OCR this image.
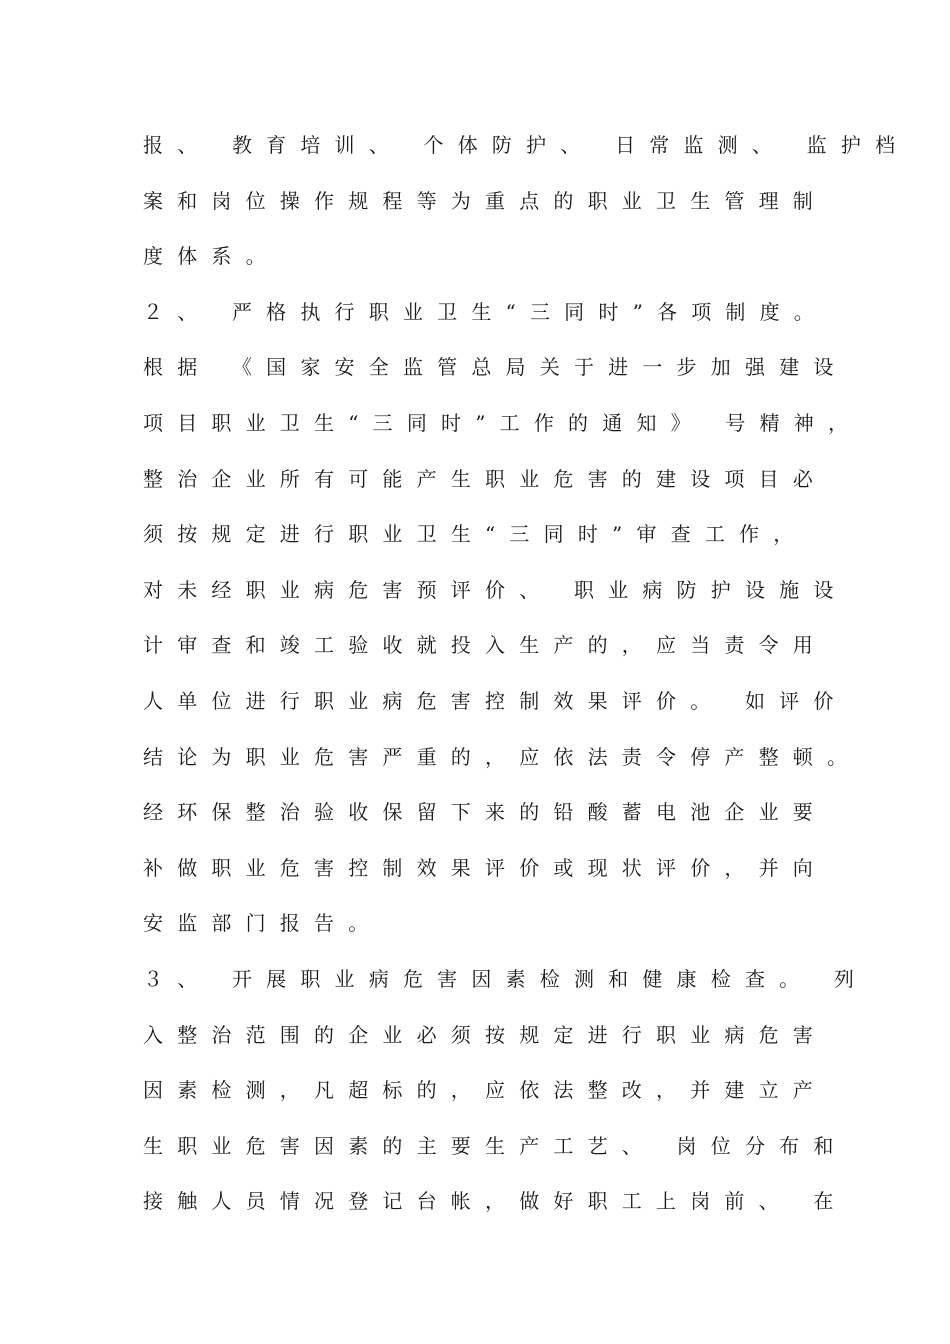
报、 教育培训、 个体防护、 日常监测、 监护档
案和岗位操作规程等为重点的职业卫生管理制
度体系。
２、 严格执行职业卫生“三同时”各项制度。
根据 《国家安全监管总局关于进一步加强建设
项目职业卫生“三同时”工作的通知》 号精神，
整治企业所有可能产生职业危害的建设项目必
须按规定进行职业卫生“三同时”审查工作，
对未经职业病危害预评价、 职业病防护设施设
计审查和竣工验收就投入生产的，应当责令用
人单位进行职业病危害控制效果评价。 如评价
结论为职业危害严重的，应依法责令停产整顿。
经环保整治验收保留下来的铅酸蓄电池企业要
补做职业危害控制效果评价或现状评价，并向
安监部门报告。
３、 开展职业病危害因素检测和健康检查。 列
入整治范围的企业必须按规定进行职业病危害
因素检测，凡超标的，应依法整改，并建立产
生职业危害因素的主要生产工艺、 岗位分布和
接触人员情况登记台帐，做好职工上岗前、 在
